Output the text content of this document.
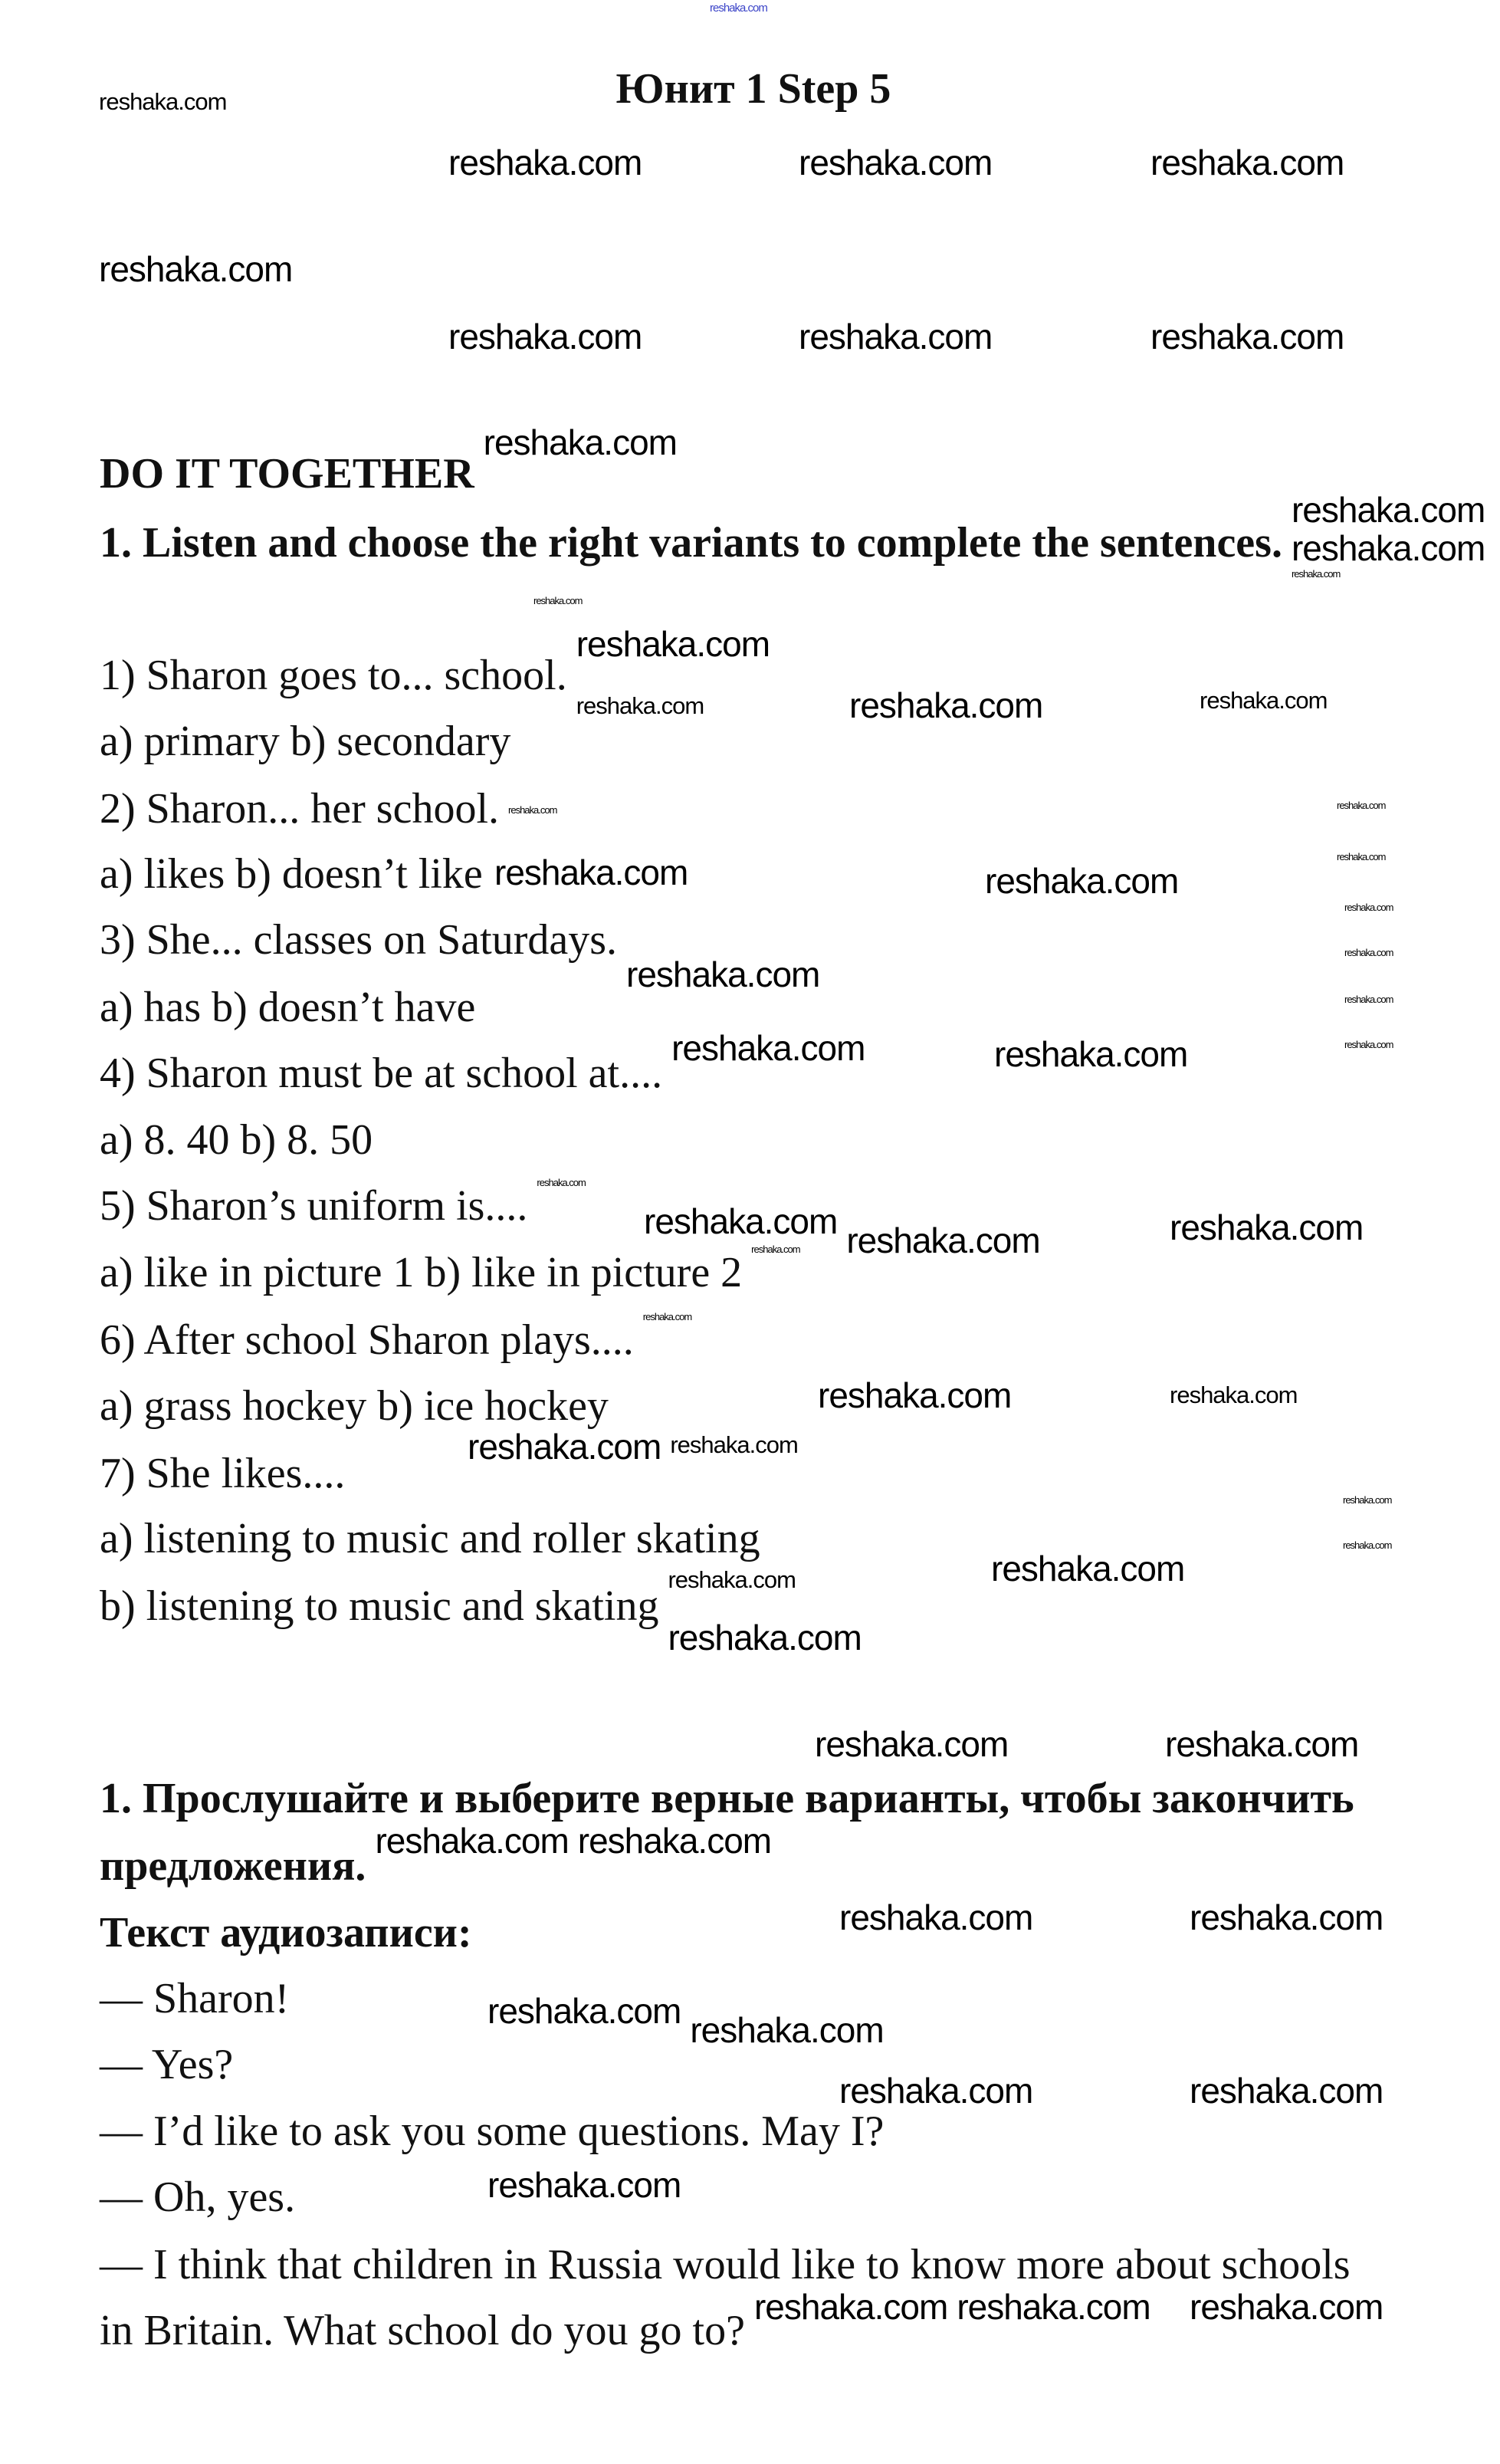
Юнит 1 Step 5
DO IT TOGETHER
1. Listen and choose the right variants to complete the sentences.
1) Sharon goes to... school.
a) primary b) secondary
2) Sharon... her school.
a) likes b) doesn’t like
3) She... classes on Saturdays.
a) has b) doesn’t have
4) Sharon must be at school at....
a) 8. 40 b) 8. 50
5) Sharon’s uniform is....
a) like in picture 1 b) like in picture 2
6) After school Sharon plays....
a) grass hockey b) ice hockey
7) She likes....
a) listening to music and roller skating
b) listening to music and skating
1. Прослушайте и выберите верные варианты, чтобы закончить
предложения.
Текст аудиозаписи:
— Sharon!
— Yes?
— I’d like to ask you some questions. May I?
— Oh, yes.
— I think that children in Russia would like to know more about schools
in Britain. What school do you go to?
reshaka.com	reshaka.com	reshaka.com
reshaka.com
reshaka.com	reshaka.com	reshaka.com
reshaka.com
reshaka.com
reshaka.com
reshaka.com
reshaka.com
reshaka.com	reshaka.com
reshaka.com
reshaka.com	reshaka.com
reshaka.com	reshaka.com
reshaka.com
reshaka.com
reshaka.com
reshaka.com
reshaka.com
reshaka.com	reshaka.com
reshaka.com reshaka.com
reshaka.com	reshaka.com
reshaka.com reshaka.com
reshaka.com	reshaka.com
reshaka.com
reshaka.com reshaka.com reshaka.com
reshaka.com
reshaka.com	reshaka.com
reshaka.com
reshaka.com
reshaka.com
reshaka.com
reshaka.com
reshaka.com
reshaka.com
reshaka.com
reshaka.com
reshaka.com
reshaka.com
reshaka.com
reshaka.com
reshaka.com
reshaka.com
reshaka.com
reshaka.com
reshaka.com
